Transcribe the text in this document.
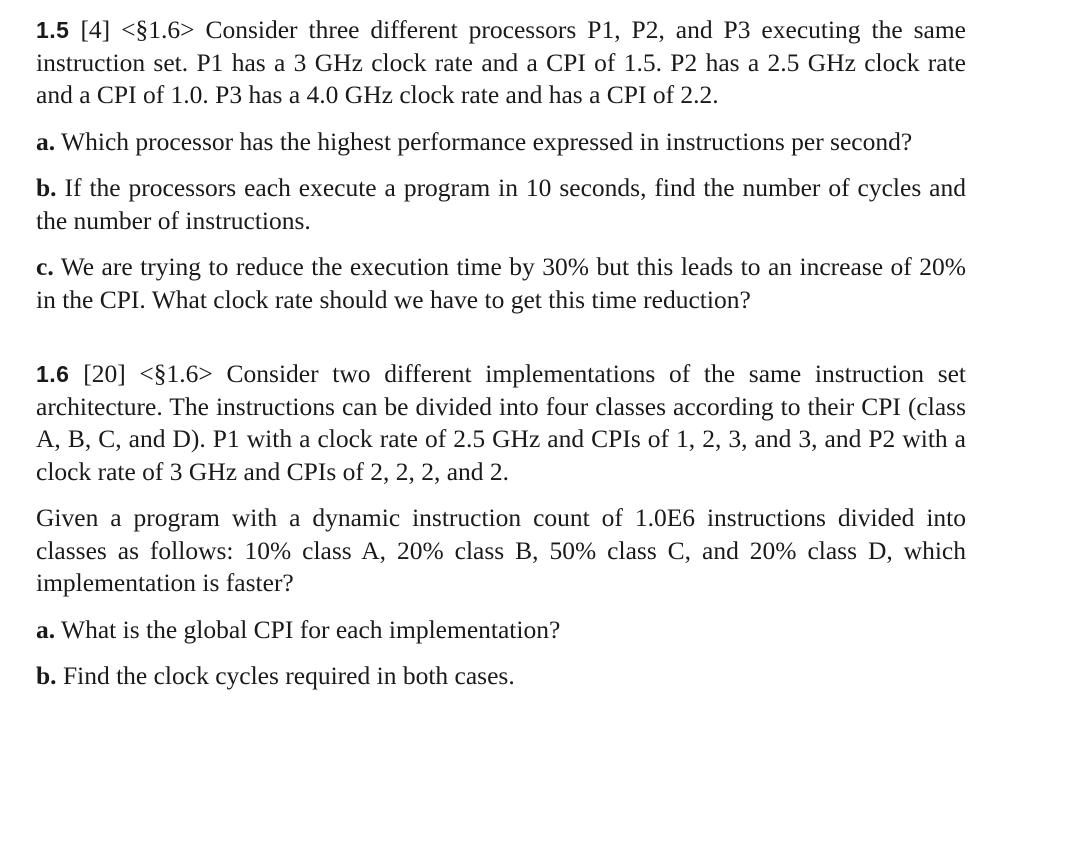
1.5 [4] <§1.6> Consider three different processors P1, P2, and P3 executing the same instruction set. P1 has a 3 GHz clock rate and a CPI of 1.5. P2 has a 2.5 GHz clock rate and a CPI of 1.0. P3 has a 4.0 GHz clock rate and has a CPI of 2.2.

a. Which processor has the highest performance expressed in instructions per second?

b. If the processors each execute a program in 10 seconds, find the number of cycles and the number of instructions.

c. We are trying to reduce the execution time by 30% but this leads to an increase of 20% in the CPI. What clock rate should we have to get this time reduction?

1.6 [20] <§1.6> Consider two different implementations of the same instruction set architecture. The instructions can be divided into four classes according to their CPI (class A, B, C, and D). P1 with a clock rate of 2.5 GHz and CPIs of 1, 2, 3, and 3, and P2 with a clock rate of 3 GHz and CPIs of 2, 2, 2, and 2.

Given a program with a dynamic instruction count of 1.0E6 instructions divided into classes as follows: 10% class A, 20% class B, 50% class C, and 20% class D, which implementation is faster?

a. What is the global CPI for each implementation?

b. Find the clock cycles required in both cases.
